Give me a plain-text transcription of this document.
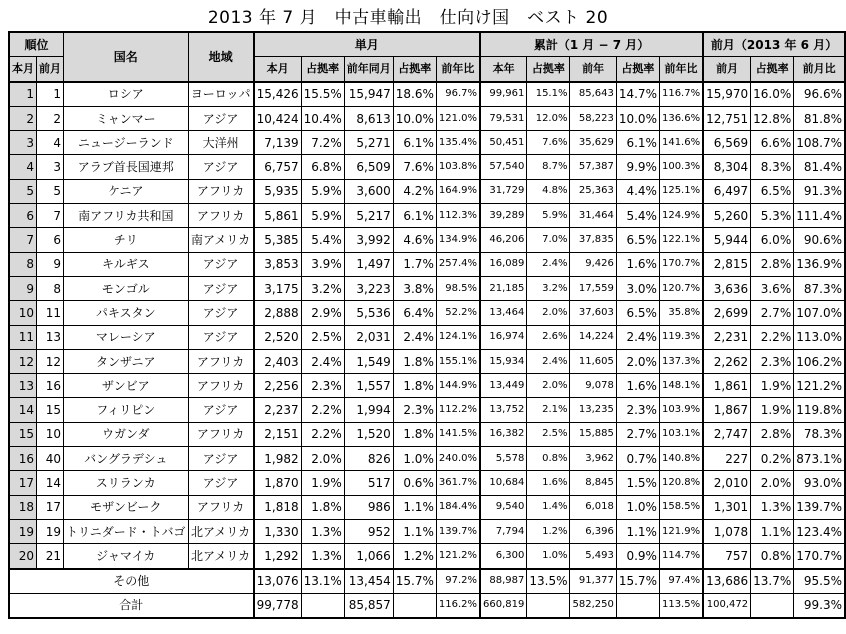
2013 年 7 月　中古車輸出　仕向け国　ベスト 20
順位		国名	地域	単月					累計（1 月 − 7 月）					前月（2013 年 6 月）		
本月	前月			本月	占拠率	前年同月	占拠率	前年比	本年	占拠率	前年	占拠率	前年比	前月	占拠率	前月比
1	1	ロシア	ヨーロッパ	15,426	15.5%	15,947	18.6%	96.7%	99,961	15.1%	85,643	14.7%	116.7%	15,970	16.0%	96.6%
2	2	ミャンマー	アジア	10,424	10.4%	8,613	10.0%	121.0%	79,531	12.0%	58,223	10.0%	136.6%	12,751	12.8%	81.8%
3	4	ニュージーランド	大洋州	7,139	7.2%	5,271	6.1%	135.4%	50,451	7.6%	35,629	6.1%	141.6%	6,569	6.6%	108.7%
4	3	アラブ首長国連邦	アジア	6,757	6.8%	6,509	7.6%	103.8%	57,540	8.7%	57,387	9.9%	100.3%	8,304	8.3%	81.4%
5	5	ケニア	アフリカ	5,935	5.9%	3,600	4.2%	164.9%	31,729	4.8%	25,363	4.4%	125.1%	6,497	6.5%	91.3%
6	7	南アフリカ共和国	アフリカ	5,861	5.9%	5,217	6.1%	112.3%	39,289	5.9%	31,464	5.4%	124.9%	5,260	5.3%	111.4%
7	6	チリ	南アメリカ	5,385	5.4%	3,992	4.6%	134.9%	46,206	7.0%	37,835	6.5%	122.1%	5,944	6.0%	90.6%
8	9	キルギス	アジア	3,853	3.9%	1,497	1.7%	257.4%	16,089	2.4%	9,426	1.6%	170.7%	2,815	2.8%	136.9%
9	8	モンゴル	アジア	3,175	3.2%	3,223	3.8%	98.5%	21,185	3.2%	17,559	3.0%	120.7%	3,636	3.6%	87.3%
10	11	パキスタン	アジア	2,888	2.9%	5,536	6.4%	52.2%	13,464	2.0%	37,603	6.5%	35.8%	2,699	2.7%	107.0%
11	13	マレーシア	アジア	2,520	2.5%	2,031	2.4%	124.1%	16,974	2.6%	14,224	2.4%	119.3%	2,231	2.2%	113.0%
12	12	タンザニア	アフリカ	2,403	2.4%	1,549	1.8%	155.1%	15,934	2.4%	11,605	2.0%	137.3%	2,262	2.3%	106.2%
13	16	ザンビア	アフリカ	2,256	2.3%	1,557	1.8%	144.9%	13,449	2.0%	9,078	1.6%	148.1%	1,861	1.9%	121.2%
14	15	フィリピン	アジア	2,237	2.2%	1,994	2.3%	112.2%	13,752	2.1%	13,235	2.3%	103.9%	1,867	1.9%	119.8%
15	10	ウガンダ	アフリカ	2,151	2.2%	1,520	1.8%	141.5%	16,382	2.5%	15,885	2.7%	103.1%	2,747	2.8%	78.3%
16	40	バングラデシュ	アジア	1,982	2.0%	826	1.0%	240.0%	5,578	0.8%	3,962	0.7%	140.8%	227	0.2%	873.1%
17	14	スリランカ	アジア	1,870	1.9%	517	0.6%	361.7%	10,684	1.6%	8,845	1.5%	120.8%	2,010	2.0%	93.0%
18	17	モザンビーク	アフリカ	1,818	1.8%	986	1.1%	184.4%	9,540	1.4%	6,018	1.0%	158.5%	1,301	1.3%	139.7%
19	19	トリニダード・トバゴ	北アメリカ	1,330	1.3%	952	1.1%	139.7%	7,794	1.2%	6,396	1.1%	121.9%	1,078	1.1%	123.4%
20	21	ジャマイカ	北アメリカ	1,292	1.3%	1,066	1.2%	121.2%	6,300	1.0%	5,493	0.9%	114.7%	757	0.8%	170.7%
その他				13,076	13.1%	13,454	15.7%	97.2%	88,987	13.5%	91,377	15.7%	97.4%	13,686	13.7%	95.5%
合計				99,778		85,857		116.2%	660,819		582,250		113.5%	100,472		99.3%
